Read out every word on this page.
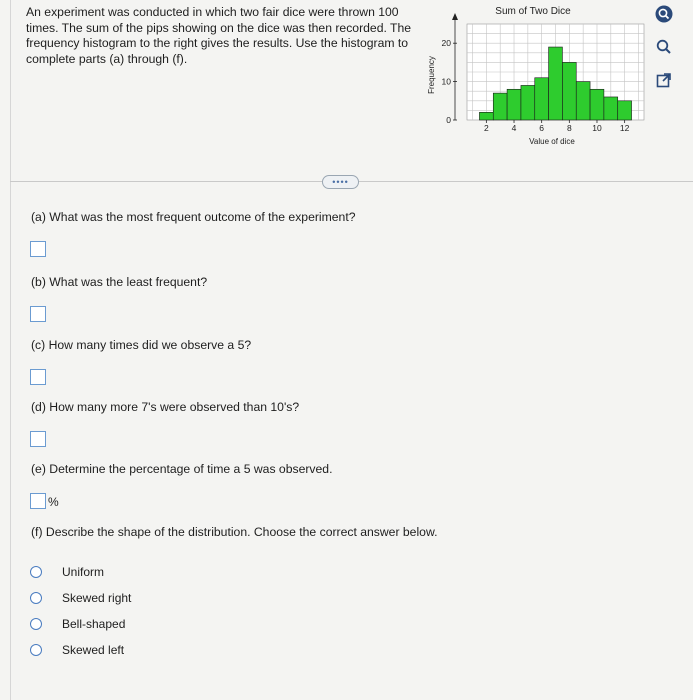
An experiment was conducted in which two fair dice were thrown 100 times. The sum of the pips showing on the dice was then recorded. The frequency histogram to the right gives the results. Use the histogram to complete parts (a) through (f).
Sum of Two Dice
Frequency
Value of dice
0
10
20
2	4	6	8 10 12
••••
(a) What was the most frequent outcome of the experiment?
(b) What was the least frequent?
(c) How many times did we observe a 5?
(d) How many more 7's were observed than 10's?
(e) Determine the percentage of time a 5 was observed.
%
(f) Describe the shape of the distribution. Choose the correct answer below.
Uniform
Skewed right
Bell-shaped
Skewed left
